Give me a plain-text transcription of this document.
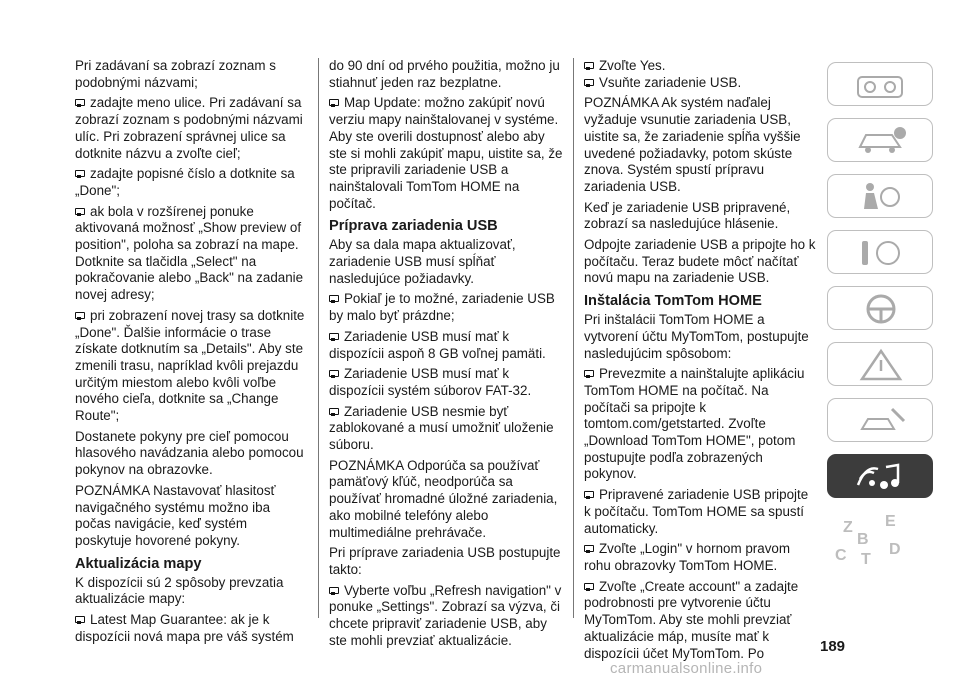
Pri zadávaní sa zobrazí zoznam s podobnými názvami;

zadajte meno ulice. Pri zadávaní sa zobrazí zoznam s podobnými názvami ulíc. Pri zobrazení správnej ulice sa dotknite názvu a zvoľte cieľ;

zadajte popisné číslo a dotknite sa „Done";

ak bola v rozšírenej ponuke aktivovaná možnosť „Show preview of position", poloha sa zobrazí na mape. Dotknite sa tlačidla „Select" na pokračovanie alebo „Back" na zadanie novej adresy;

pri zobrazení novej trasy sa dotknite „Done". Ďalšie informácie o trase získate dotknutím sa „Details". Aby ste zmenili trasu, napríklad kvôli prejazdu určitým miestom alebo kvôli voľbe nového cieľa, dotknite sa „Change Route";

Dostanete pokyny pre cieľ pomocou hlasového navádzania alebo pomocou pokynov na obrazovke.

POZNÁMKA Nastavovať hlasitosť navigačného systému možno iba počas navigácie, keď systém poskytuje hovorené pokyny.

Aktualizácia mapy

K dispozícii sú 2 spôsoby prevzatia aktualizácie mapy:

Latest Map Guarantee: ak je k dispozícii nová mapa pre váš systém

do 90 dní od prvého použitia, možno ju stiahnuť jeden raz bezplatne.

Map Update: možno zakúpiť novú verziu mapy nainštalovanej v systéme. Aby ste overili dostupnosť alebo aby ste si mohli zakúpiť mapu, uistite sa, že ste pripravili zariadenie USB a nainštalovali TomTom HOME na počítač.

Príprava zariadenia USB

Aby sa dala mapa aktualizovať, zariadenie USB musí spĺňať nasledujúce požiadavky.

Pokiaľ je to možné, zariadenie USB by malo byť prázdne;

Zariadenie USB musí mať k dispozícii aspoň 8 GB voľnej pamäti.

Zariadenie USB musí mať k dispozícii systém súborov FAT-32.

Zariadenie USB nesmie byť zablokované a musí umožniť uloženie súboru.

POZNÁMKA Odporúča sa používať pamäťový kľúč, neodporúča sa používať hromadné úložné zariadenia, ako mobilné telefóny alebo multimediálne prehrávače.

Pri príprave zariadenia USB postupujte takto:

Vyberte voľbu „Refresh navigation" v ponuke „Settings". Zobrazí sa výzva, či chcete pripraviť zariadenie USB, aby ste mohli prevziať aktualizácie.

Zvoľte Yes.

Vsuňte zariadenie USB.

POZNÁMKA Ak systém naďalej vyžaduje vsunutie zariadenia USB, uistite sa, že zariadenie spĺňa vyššie uvedené požiadavky, potom skúste znova. Systém spustí prípravu zariadenia USB.

Keď je zariadenie USB pripravené, zobrazí sa nasledujúce hlásenie.

Odpojte zariadenie USB a pripojte ho k počítaču. Teraz budete môcť načítať novú mapu na zariadenie USB.

Inštalácia TomTom HOME

Pri inštalácii TomTom HOME a vytvorení účtu MyTomTom, postupujte nasledujúcim spôsobom:

Prevezmite a nainštalujte aplikáciu TomTom HOME na počítač. Na počítači sa pripojte k tomtom.com/getstarted. Zvoľte „Download TomTom HOME", potom postupujte podľa zobrazených pokynov.

Pripravené zariadenie USB pripojte k počítaču. TomTom HOME sa spustí automaticky.

Zvoľte „Login" v hornom pravom rohu obrazovky TomTom HOME.

Zvoľte „Create account" a zadajte podrobnosti pre vytvorenie účtu MyTomTom. Aby ste mohli prevziať aktualizácie máp, musíte mať k dispozícii účet MyTomTom. Po

Z E
B
C T
D
189
carmanualsonline.info
